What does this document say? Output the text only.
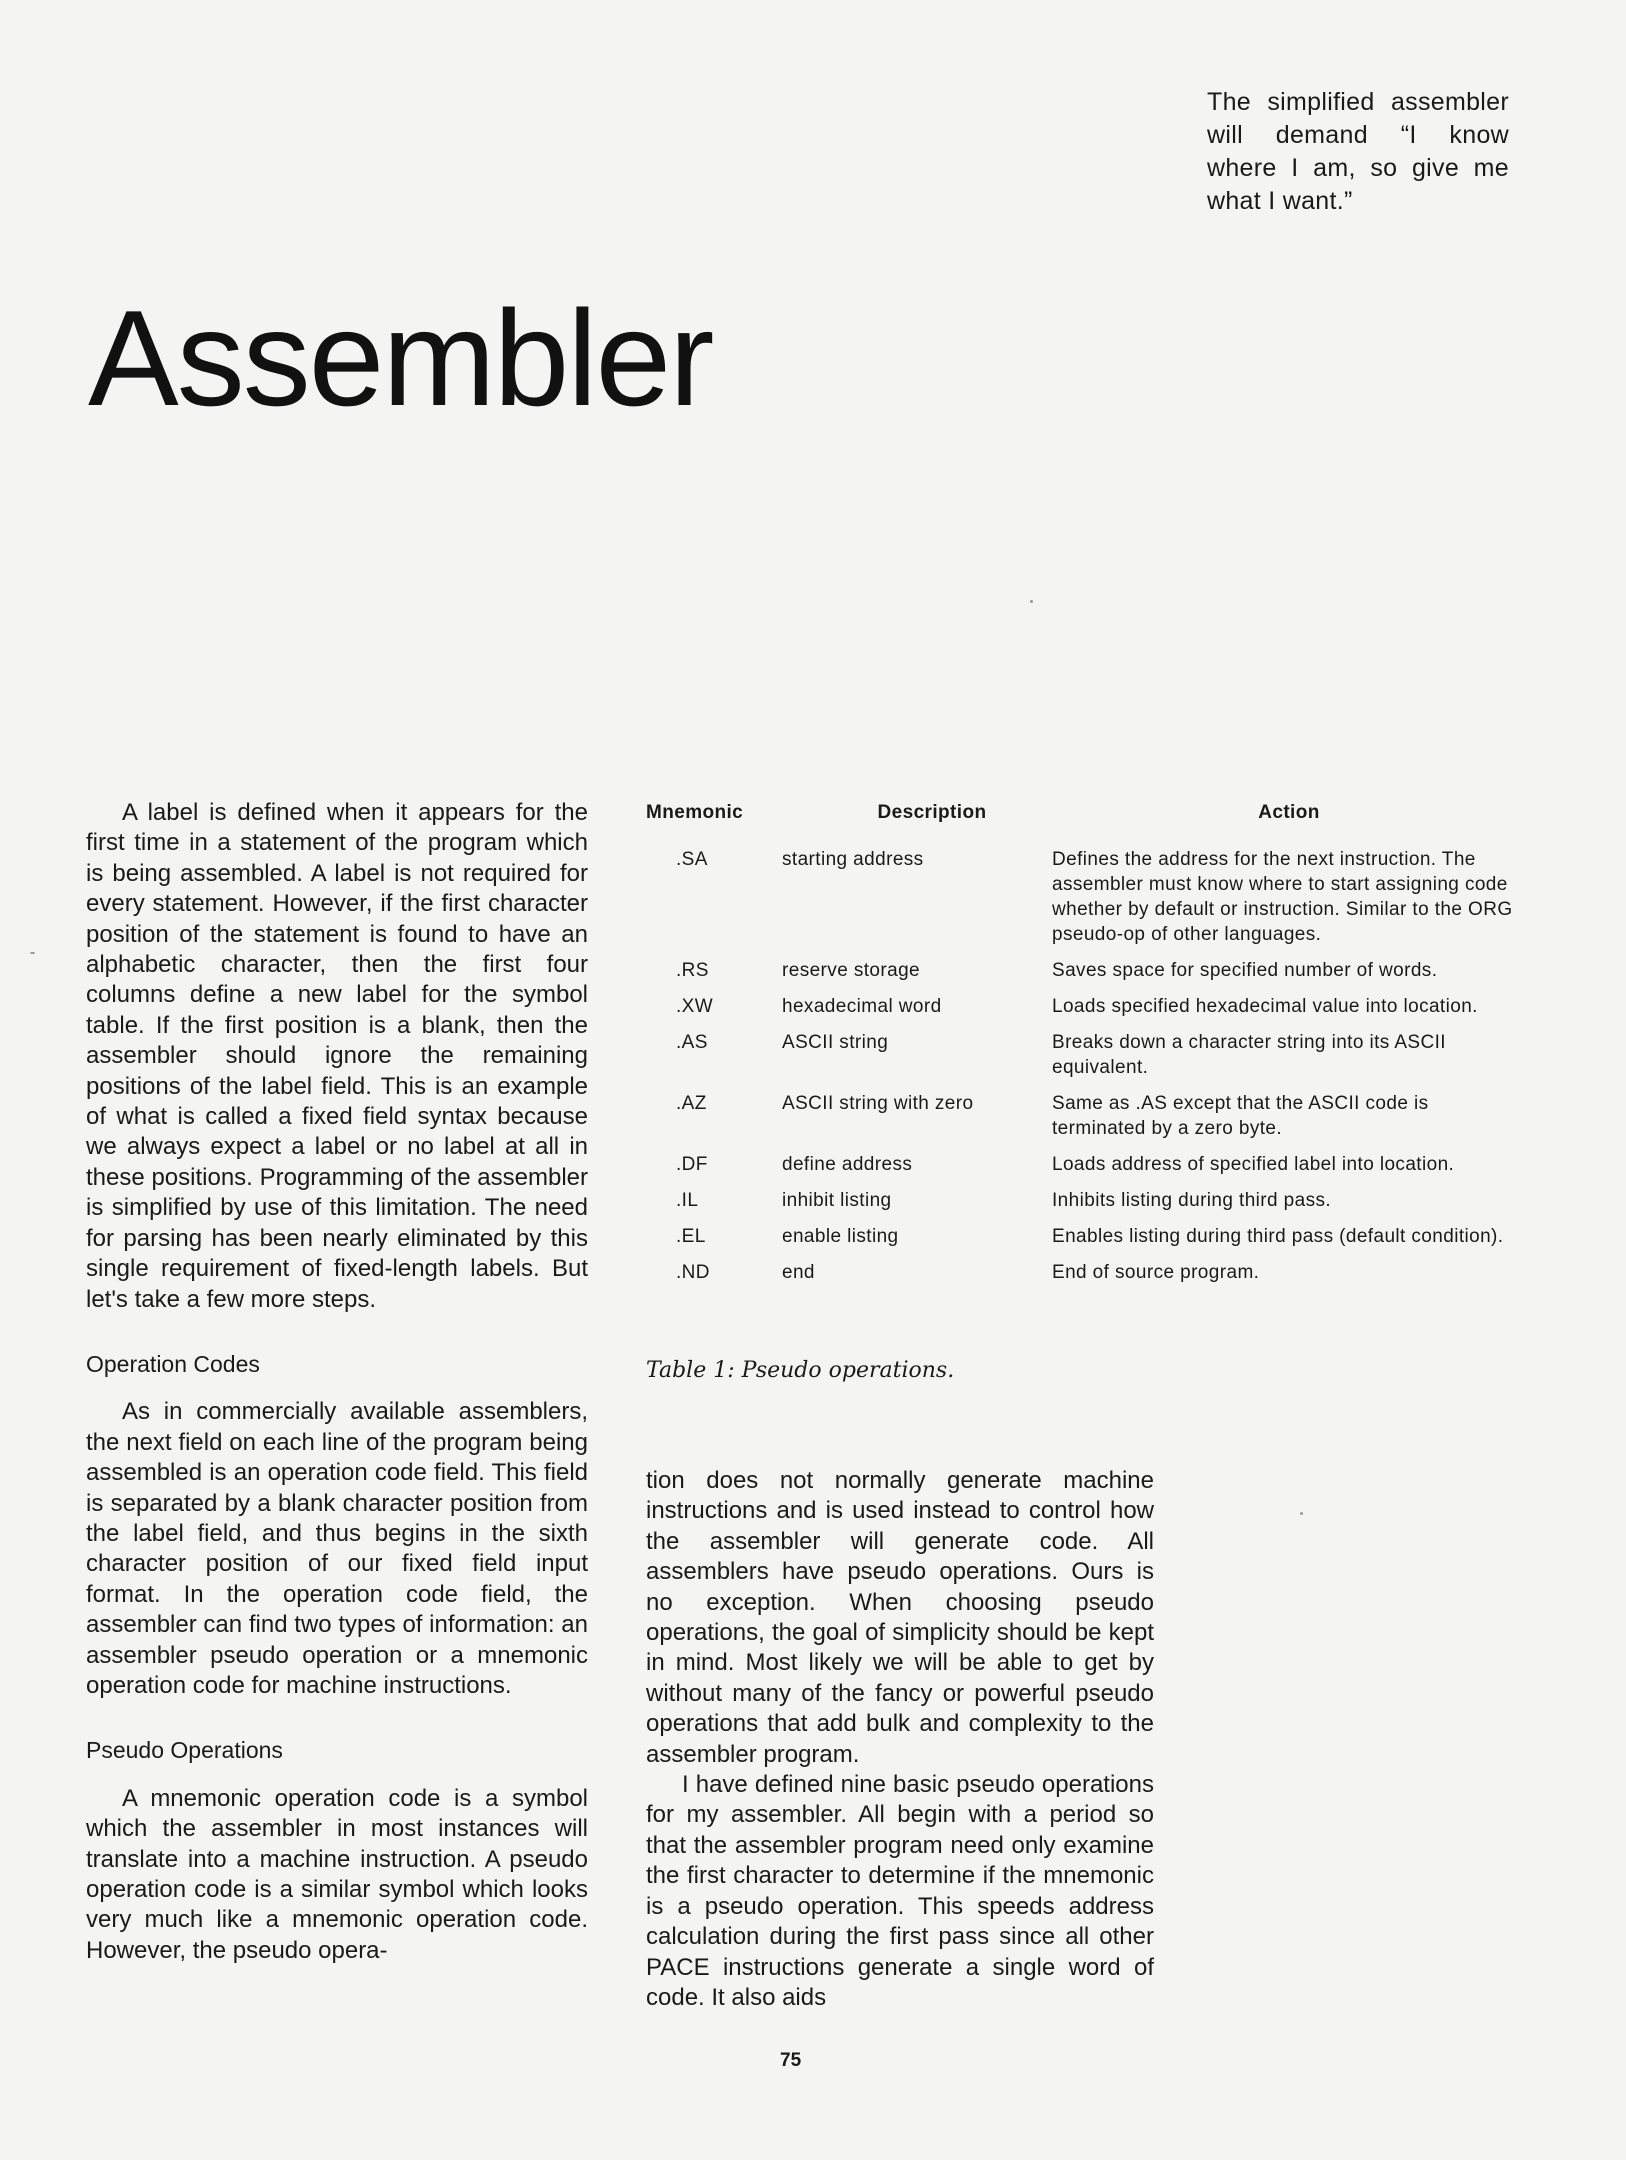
The simplified assembler will demand “I know where I am, so give me what I want.”
Assembler

A label is defined when it appears for the first time in a statement of the program which is being assembled. A label is not required for every statement. However, if the first character position of the statement is found to have an alphabetic character, then the first four columns define a new label for the symbol table. If the first position is a blank, then the assembler should ignore the remaining positions of the label field. This is an example of what is called a fixed field syntax because we always expect a label or no label at all in these positions. Programming of the assembler is simplified by use of this limitation. The need for parsing has been nearly eliminated by this single requirement of fixed-length labels. But let's take a few more steps.

Operation Codes

As in commercially available assemblers, the next field on each line of the program being assembled is an operation code field. This field is separated by a blank character position from the label field, and thus begins in the sixth character position of our fixed field input format. In the operation code field, the assembler can find two types of information: an assembler pseudo operation or a mnemonic operation code for machine instructions.

Pseudo Operations

A mnemonic operation code is a symbol which the assembler in most instances will translate into a machine instruction. A pseudo operation code is a similar symbol which looks very much like a mnemonic operation code. However, the pseudo opera-

Mnemonic	Description	Action
.SA	starting address	Defines the address for the next instruction. The assembler must know where to start assigning code whether by default or instruction. Similar to the ORG pseudo-op of other languages.
.RS	reserve storage	Saves space for specified number of words.
.XW	hexadecimal word	Loads specified hexadecimal value into location.
.AS	ASCII string	Breaks down a character string into its ASCII equivalent.
.AZ	ASCII string with zero	Same as .AS except that the ASCII code is terminated by a zero byte.
.DF	define address	Loads address of specified label into location.
.IL	inhibit listing	Inhibits listing during third pass.
.EL	enable listing	Enables listing during third pass (default condition).
.ND	end	End of source program.
Table 1: Pseudo operations.

tion does not normally generate machine instructions and is used instead to control how the assembler will generate code. All assemblers have pseudo operations. Ours is no exception. When choosing pseudo operations, the goal of simplicity should be kept in mind. Most likely we will be able to get by without many of the fancy or powerful pseudo operations that add bulk and complexity to the assembler program.

I have defined nine basic pseudo operations for my assembler. All begin with a period so that the assembler program need only examine the first character to determine if the mnemonic is a pseudo operation. This speeds address calculation during the first pass since all other PACE instructions generate a single word of code. It also aids

75
